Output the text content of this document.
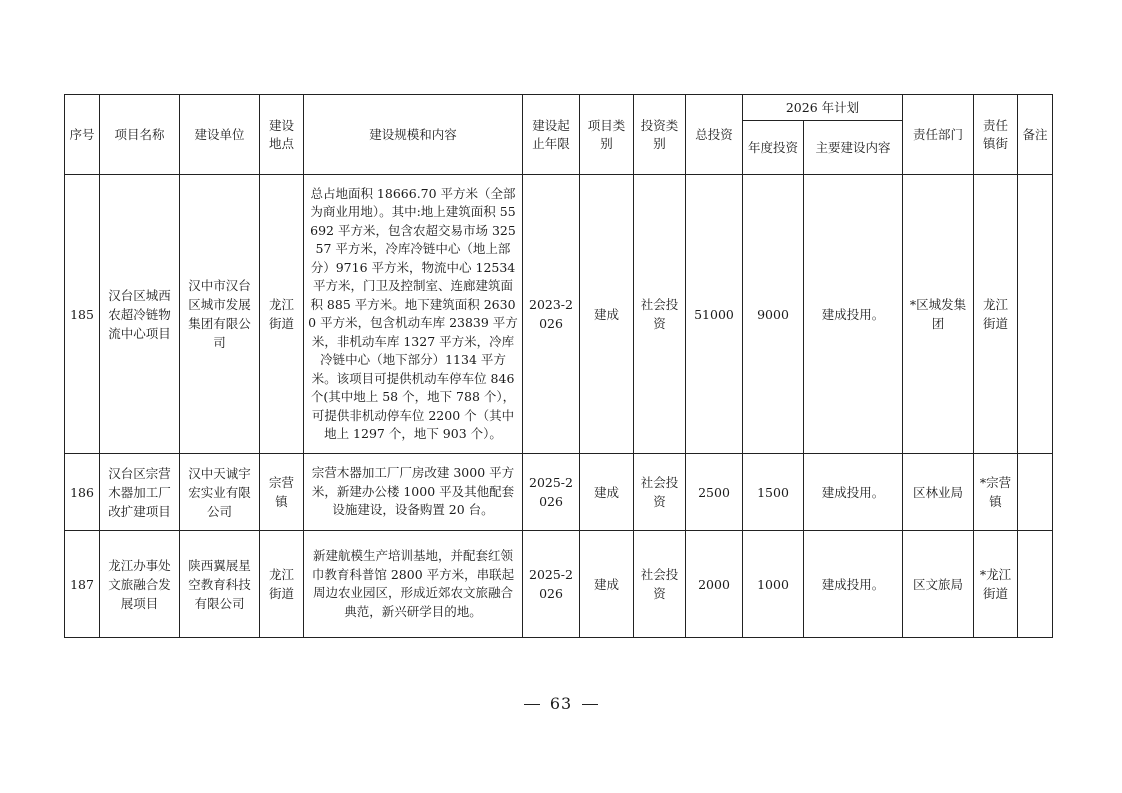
序号	项目名称	建设单位	建设地点	建设规模和内容	建设起止年限	项目类别	投资类别	总投资	2026 年计划		责任部门	责任镇街	备注
									年度投资	主要建设内容			
185	汉台区城西农超冷链物流中心项目	汉中市汉台区城市发展集团有限公司	龙江街道	总占地面积 18666.70 平方米（全部为商业用地）。其中:地上建筑面积 55692 平方米，包含农超交易市场 32557 平方米，冷库冷链中心（地上部分）9716 平方米，物流中心 12534 平方米，门卫及控制室、连廊建筑面积 885 平方米。地下建筑面积 26300 平方米，包含机动车库 23839 平方米，非机动车库 1327 平方米，冷库冷链中心（地下部分）1134 平方米。该项目可提供机动车停车位 846 个(其中地上 58 个，地下 788 个），可提供非机动停车位 2200 个（其中地上 1297 个，地下 903 个）。	2023-2026	建成	社会投资	51000	9000	建成投用。	*区城发集团	龙江街道	
186	汉台区宗营木器加工厂改扩建项目	汉中天诚宇宏实业有限公司	宗营镇	宗营木器加工厂厂房改建 3000 平方米，新建办公楼 1000 平及其他配套设施建设，设备购置 20 台。	2025-2026	建成	社会投资	2500	1500	建成投用。	区林业局	*宗营镇	
187	龙江办事处文旅融合发展项目	陕西翼展星空教育科技有限公司	龙江街道	新建航模生产培训基地，并配套红领巾教育科普馆 2800 平方米，串联起周边农业园区，形成近郊农文旅融合典范，新兴研学目的地。	2025-2026	建成	社会投资	2000	1000	建成投用。	区文旅局	*龙江街道	
63
